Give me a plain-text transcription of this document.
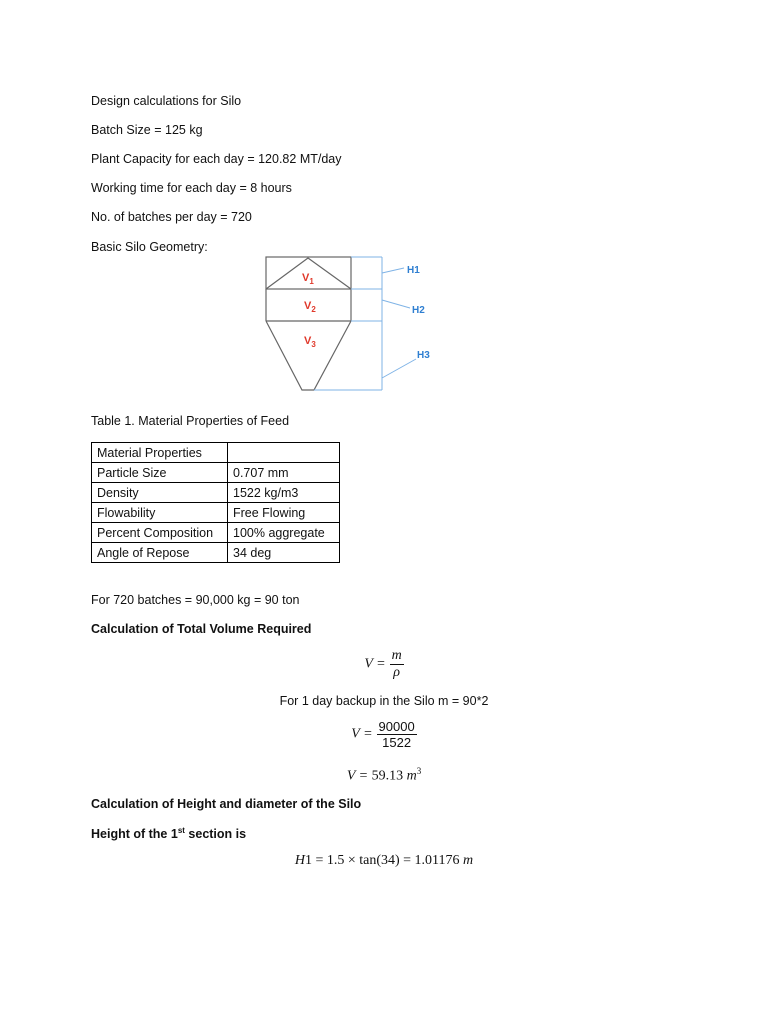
Design calculations for Silo
Batch Size = 125 kg
Plant Capacity for each day = 120.82 MT/day
Working time for each day = 8 hours
No. of batches per day = 720
Basic Silo Geometry:
$V_1$
$V_2$
$V_3$
H1
H2
H3
Table 1. Material Properties of Feed
Material Properties	
Particle Size	0.707 mm
Density	1522 kg/m3
Flowability	Free Flowing
Percent Composition	100% aggregate
Angle of Repose	34 deg
For 720 batches = 90,000 kg = 90 ton
Calculation of Total Volume Required
$V = \frac{m}{\rho}$
For 1 day backup in the Silo m = 90*2
$V = \frac{90000}{1522}$
V = 59.13 $m^3$
Calculation of Height and diameter of the Silo
Height of the 1st section is
H1 = 1.5 × tan(34) = 1.01176 m
